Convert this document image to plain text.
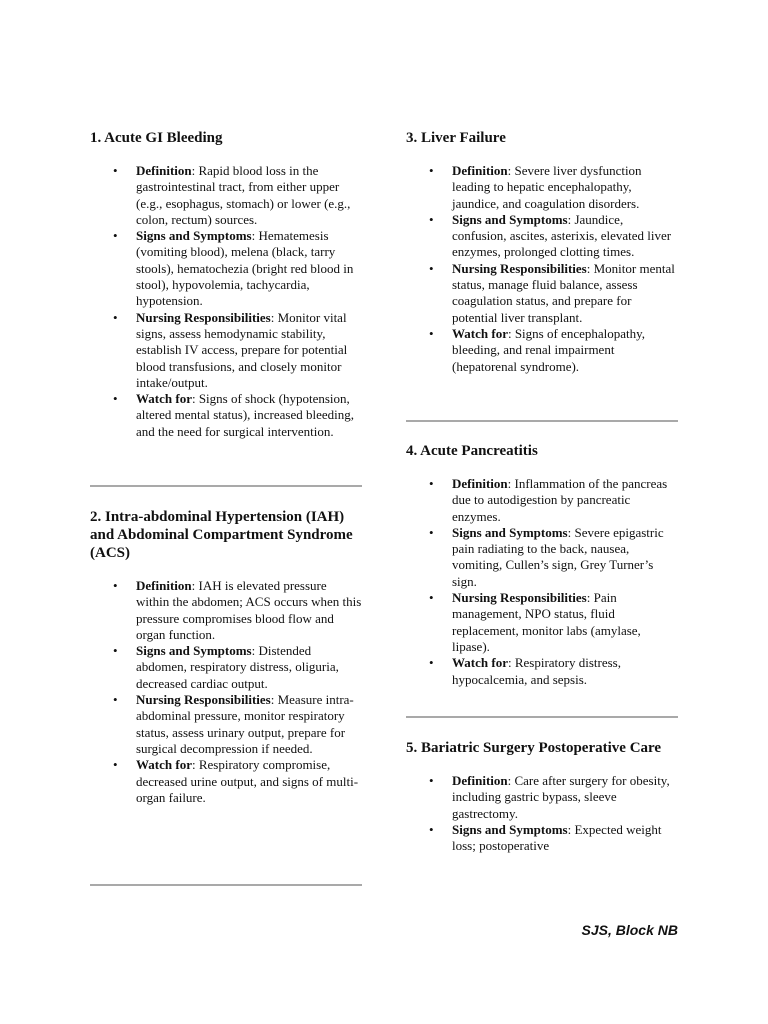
1. Acute GI Bleeding
• Definition: Rapid blood loss in the gastrointestinal tract, from either upper (e.g., esophagus, stomach) or lower (e.g., colon, rectum) sources.
• Signs and Symptoms: Hematemesis (vomiting blood), melena (black, tarry stools), hematochezia (bright red blood in stool), hypovolemia, tachycardia, hypotension.
• Nursing Responsibilities: Monitor vital signs, assess hemodynamic stability, establish IV access, prepare for potential blood transfusions, and closely monitor intake/output.
• Watch for: Signs of shock (hypotension, altered mental status), increased bleeding, and the need for surgical intervention.
2. Intra-abdominal Hypertension (IAH) and Abdominal Compartment Syndrome (ACS)
• Definition: IAH is elevated pressure within the abdomen; ACS occurs when this pressure compromises blood flow and organ function.
• Signs and Symptoms: Distended abdomen, respiratory distress, oliguria, decreased cardiac output.
• Nursing Responsibilities: Measure intra-abdominal pressure, monitor respiratory status, assess urinary output, prepare for surgical decompression if needed.
• Watch for: Respiratory compromise, decreased urine output, and signs of multi-organ failure.
3. Liver Failure
• Definition: Severe liver dysfunction leading to hepatic encephalopathy, jaundice, and coagulation disorders.
• Signs and Symptoms: Jaundice, confusion, ascites, asterixis, elevated liver enzymes, prolonged clotting times.
• Nursing Responsibilities: Monitor mental status, manage fluid balance, assess coagulation status, and prepare for potential liver transplant.
• Watch for: Signs of encephalopathy, bleeding, and renal impairment (hepatorenal syndrome).
4. Acute Pancreatitis
• Definition: Inflammation of the pancreas due to autodigestion by pancreatic enzymes.
• Signs and Symptoms: Severe epigastric pain radiating to the back, nausea, vomiting, Cullen’s sign, Grey Turner’s sign.
• Nursing Responsibilities: Pain management, NPO status, fluid replacement, monitor labs (amylase, lipase).
• Watch for: Respiratory distress, hypocalcemia, and sepsis.
5. Bariatric Surgery Postoperative Care
• Definition: Care after surgery for obesity, including gastric bypass, sleeve gastrectomy.
• Signs and Symptoms: Expected weight loss; postoperative
SJS, Block NB
